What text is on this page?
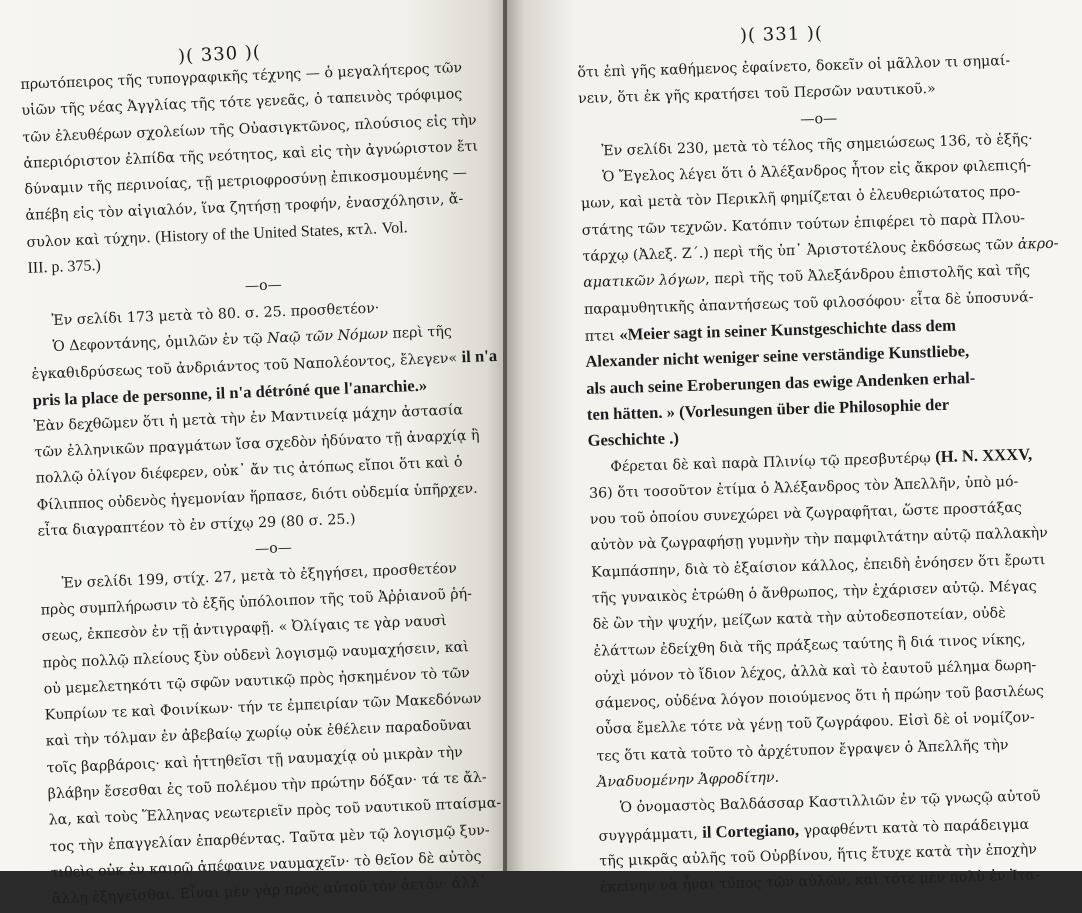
)( 330 )(
πρωτόπειρος τῆς τυπογραφικῆς τέχνης — ὁ μεγαλήτερος τῶν
υἱῶν τῆς νέας Ἀγγλίας τῆς τότε γενεᾶς, ὁ ταπεινὸς τρόφιμος
τῶν ἐλευθέρων σχολείων τῆς Οὐασιγκτῶνος, πλούσιος εἰς τὴν
ἀπεριόριστον ἐλπίδα τῆς νεότητος, καὶ εἰς τὴν ἀγνώριστον ἔτι
δύναμιν τῆς περινοίας, τῇ μετριοφροσύνῃ ἐπικοσμουμένης —
ἀπέβη εἰς τὸν αἰγιαλόν, ἵνα ζητήσῃ τροφήν, ἐνασχόλησιν, ἄ-
συλον καὶ τύχην. (History of the United States, κτλ. Vol.
III. p. 375.)
—o—
Ἐν σελίδι 173 μετὰ τὸ 80. σ. 25. προσθετέον·
Ὁ Δεφοντάνης, ὁμιλῶν ἐν τῷ Ναῷ τῶν Νόμων περὶ τῆς
ἐγκαθιδρύσεως τοῦ ἀνδριάντος τοῦ Ναπολέοντος, ἔλεγεν« il n'a
pris la place de personne, il n'a détróné que l'anarchie.»
Ἐὰν δεχθῶμεν ὅτι ἡ μετὰ τὴν ἐν Μαντινείᾳ μάχην ἀστασία
τῶν ἑλληνικῶν πραγμάτων ἴσα σχεδὸν ἠδύνατο τῇ ἀναρχίᾳ ἢ
πολλῷ ὀλίγον διέφερεν, οὐκ᾽ ἄν τις ἀτόπως εἴποι ὅτι καὶ ὁ
Φίλιππος οὐδενὸς ἡγεμονίαν ἥρπασε, διότι οὐδεμία ὑπῆρχεν.
εἶτα διαγραπτέον τὸ ἐν στίχῳ 29 (80 σ. 25.)
—o—
Ἐν σελίδι 199, στίχ. 27, μετὰ τὸ ἐξηγήσει, προσθετέον
πρὸς συμπλήρωσιν τὸ ἑξῆς ὑπόλοιπον τῆς τοῦ Ἀῤῥιανοῦ ῥή-
σεως, ἐκπεσὸν ἐν τῇ ἀντιγραφῇ. « Ὀλίγαις τε γὰρ ναυσὶ
πρὸς πολλῷ πλείους ξὺν οὐδενὶ λογισμῷ ναυμαχήσειν, καὶ
οὐ μεμελετηκότι τῷ σφῶν ναυτικῷ πρὸς ἠσκημένον τὸ τῶν
Κυπρίων τε καὶ Φοινίκων· τήν τε ἐμπειρίαν τῶν Μακεδόνων
καὶ τὴν τόλμαν ἐν ἀβεβαίῳ χωρίῳ οὐκ ἐθέλειν παραδοῦναι
τοῖς βαρβάροις· καὶ ἡττηθεῖσι τῇ ναυμαχίᾳ οὐ μικρὰν τὴν
βλάβην ἔσεσθαι ἐς τοῦ πολέμου τὴν πρώτην δόξαν· τά τε ἄλ-
λα, καὶ τοὺς Ἕλληνας νεωτεριεῖν πρὸς τοῦ ναυτικοῦ πταίσμα-
τος τὴν ἐπαγγελίαν ἐπαρθέντας. Ταῦτα μὲν τῷ λογισμῷ ξυν-
τιθεὶς οὐκ ἐν καιρῷ ἀπέφαινε ναυμαχεῖν· τὸ θεῖον δὲ αὐτὸς
ἄλλῃ ἐξηγεῖσθαι. Εἶναι μὲν γὰρ πρὸς αὐτοῦ τὸν ἀετόν· ἀλλ᾽
)( 331 )(
ὅτι ἐπὶ γῆς καθήμενος ἐφαίνετο, δοκεῖν οἱ μᾶλλον τι σημαί-
νειν, ὅτι ἐκ γῆς κρατήσει τοῦ Περσῶν ναυτικοῦ.»
—o—
Ἐν σελίδι 230, μετὰ τὸ τέλος τῆς σημειώσεως 136, τὸ ἑξῆς·
Ὁ Ἔγελος λέγει ὅτι ὁ Ἀλέξανδρος ἦτον εἰς ἄκρον φιλεπιςή-
μων, καὶ μετὰ τὸν Περικλῆ φημίζεται ὁ ἐλευθεριώτατος προ-
στάτης τῶν τεχνῶν. Κατόπιν τούτων ἐπιφέρει τὸ παρὰ Πλου-
τάρχῳ (Ἀλεξ. Ζ΄.) περὶ τῆς ὑπ᾽ Ἀριστοτέλους ἐκδόσεως τῶν ἀκρο-
αματικῶν λόγων, περὶ τῆς τοῦ Ἀλεξάνδρου ἐπιστολῆς καὶ τῆς
παραμυθητικῆς ἀπαντήσεως τοῦ φιλοσόφου· εἶτα δὲ ὑποσυνά-
πτει «Meier sagt in seiner Kunstgeschichte dass dem
Alexander nicht weniger seine verständige Kunstliebe,
als auch seine Eroberungen das ewige Andenken erhal-
ten hätten. » (Vorlesungen über die Philosophie der
Geschichte .)
Φέρεται δὲ καὶ παρὰ Πλινίῳ τῷ πρεσβυτέρῳ (H. N. XXXV,
36) ὅτι τοσοῦτον ἐτίμα ὁ Ἀλέξανδρος τὸν Ἀπελλῆν, ὑπὸ μό-
νου τοῦ ὁποίου συνεχώρει νὰ ζωγραφῆται, ὥστε προστάξας
αὐτὸν νὰ ζωγραφήσῃ γυμνὴν τὴν παμφιλτάτην αὐτῷ παλλακὴν
Καμπάσπην, διὰ τὸ ἐξαίσιον κάλλος, ἐπειδὴ ἐνόησεν ὅτι ἔρωτι
τῆς γυναικὸς ἐτρώθη ὁ ἄνθρωπος, τὴν ἐχάρισεν αὐτῷ. Μέγας
δὲ ὢν τὴν ψυχήν, μείζων κατὰ τὴν αὐτοδεσποτείαν, οὐδὲ
ἐλάττων ἐδείχθη διὰ τῆς πράξεως ταύτης ἢ διά τινος νίκης,
οὐχὶ μόνον τὸ ἴδιον λέχος, ἀλλὰ καὶ τὸ ἑαυτοῦ μέλημα δωρη-
σάμενος, οὐδένα λόγον ποιούμενος ὅτι ἡ πρώην τοῦ βασιλέως
οὖσα ἔμελλε τότε νὰ γένῃ τοῦ ζωγράφου. Εἰσὶ δὲ οἱ νομίζον-
τες ὅτι κατὰ τοῦτο τὸ ἀρχέτυπον ἔγραψεν ὁ Ἀπελλῆς τὴν
Ἀναδυομένην Ἀφροδίτην.
Ὁ ὀνομαστὸς Βαλδάσσαρ Καστιλλιῶν ἐν τῷ γνωςῷ αὐτοῦ
συγγράμματι, il Cortegiano, γραφθέντι κατὰ τὸ παράδειγμα
τῆς μικρᾶς αὐλῆς τοῦ Οὐρβίνου, ἥτις ἔτυχε κατὰ τὴν ἐποχὴν
ἐκείνην νὰ ἦναι τύπος τῶν αὐλῶν, καὶ τότε μὲν πολὺ ἐν Ἰτα-
